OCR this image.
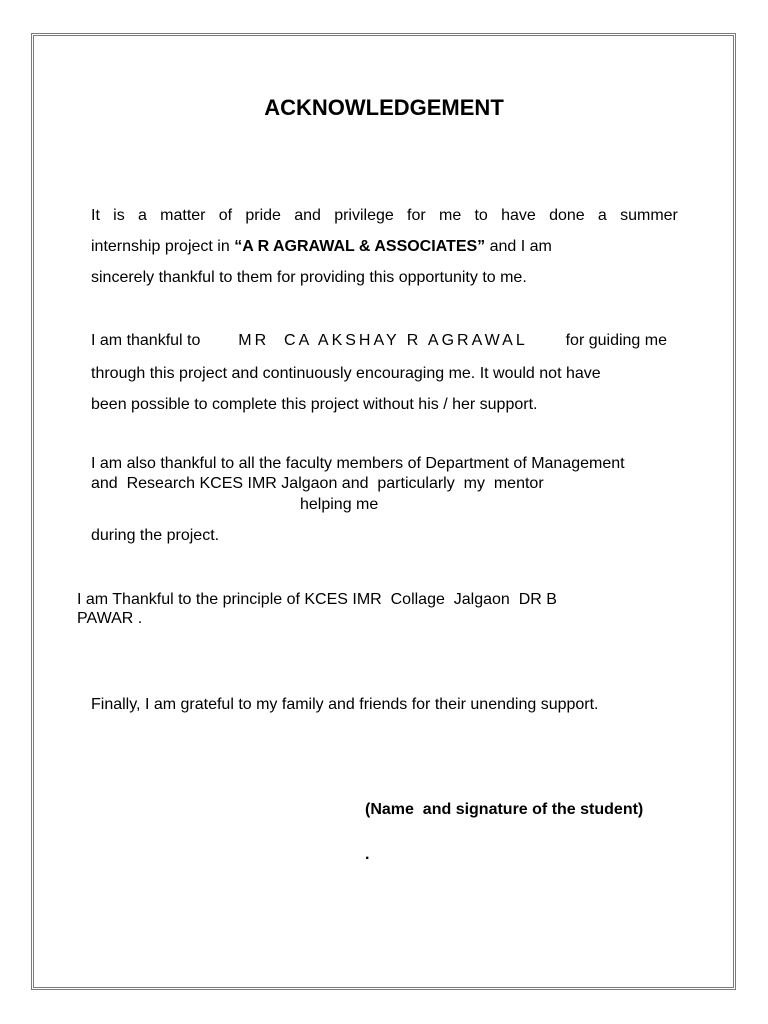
ACKNOWLEDGEMENT
It is a matter of pride and privilege for me to have done a summer
internship project in “A R AGRAWAL & ASSOCIATES” and I am

sincerely thankful to them for providing this opportunity to me.

I am thankful to MR  CA AKSHAY R AGRAWAL for guiding me

through this project and continuously encouraging me. It would not have

been possible to complete this project without his / her support.

I am also thankful to all the faculty members of Department of Management

and  Research KCES IMR Jalgaon and  particularly  my  mentor

helping me

during the project.

I am Thankful to the principle of KCES IMR  Collage  Jalgaon  DR B

PAWAR .

Finally, I am grateful to my family and friends for their unending support.

(Name  and signature of the student)

.
